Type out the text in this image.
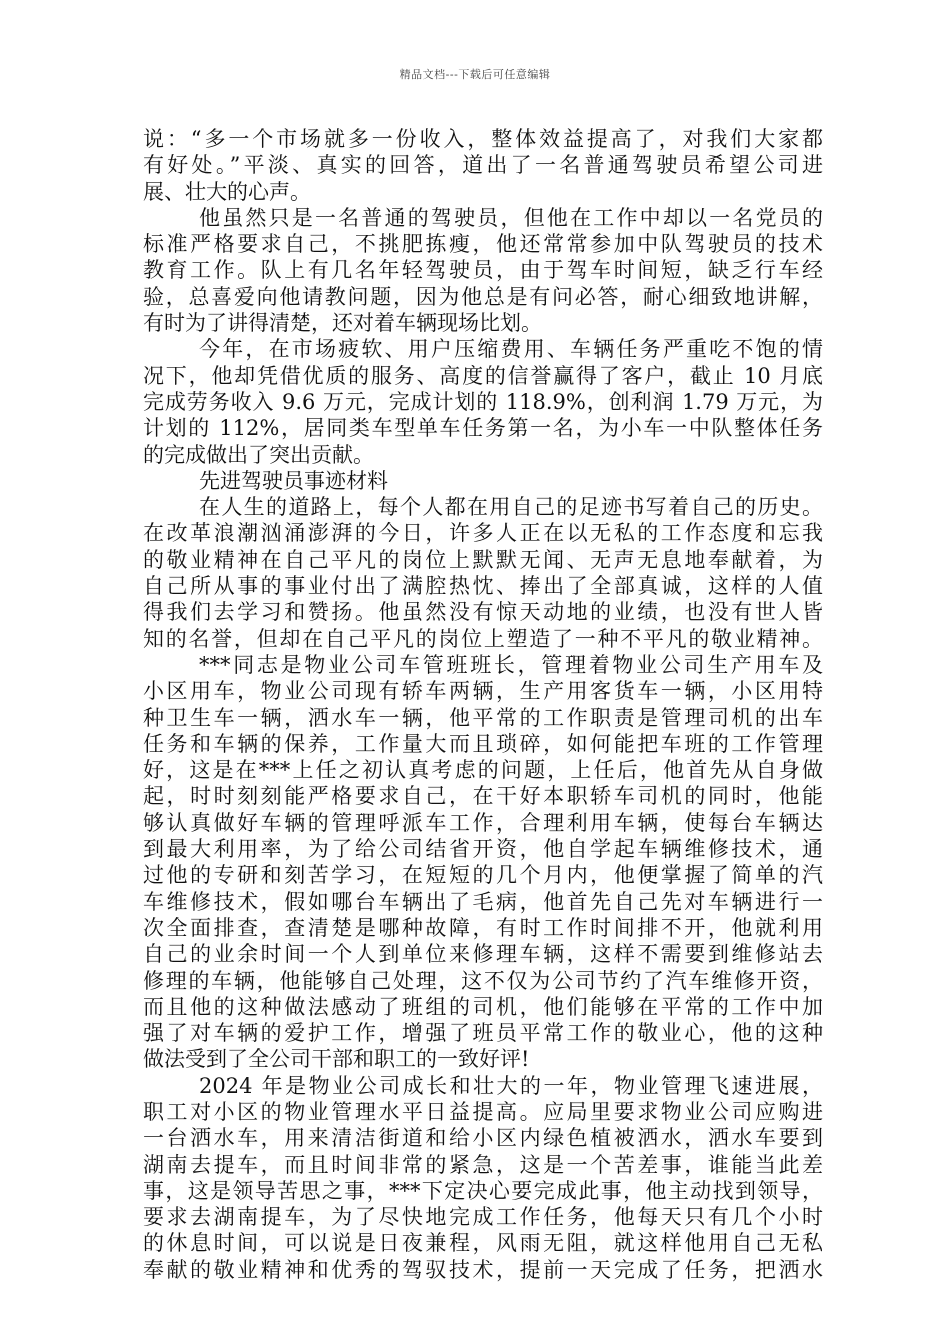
精品文档---下载后可任意编辑
说：“多一个市场就多一份收入，整体效益提高了，对我们大家都
有好处。”平淡、真实的回答，道出了一名普通驾驶员希望公司进
展、壮大的心声。
他虽然只是一名普通的驾驶员，但他在工作中却以一名党员的
标准严格要求自己，不挑肥拣瘦，他还常常参加中队驾驶员的技术
教育工作。队上有几名年轻驾驶员，由于驾车时间短，缺乏行车经
验，总喜爱向他请教问题，因为他总是有问必答，耐心细致地讲解，
有时为了讲得清楚，还对着车辆现场比划。
今年，在市场疲软、用户压缩费用、车辆任务严重吃不饱的情
况下，他却凭借优质的服务、高度的信誉赢得了客户，截止 10 月底
完成劳务收入 9.6 万元，完成计划的 118.9%，创利润 1.79 万元，为
计划的 112%，居同类车型单车任务第一名，为小车一中队整体任务
的完成做出了突出贡献。
先进驾驶员事迹材料
在人生的道路上，每个人都在用自己的足迹书写着自己的历史。
在改革浪潮汹涌澎湃的今日，许多人正在以无私的工作态度和忘我
的敬业精神在自己平凡的岗位上默默无闻、无声无息地奉献着，为
自己所从事的事业付出了满腔热忱、捧出了全部真诚，这样的人值
得我们去学习和赞扬。他虽然没有惊天动地的业绩，也没有世人皆
知的名誉，但却在自己平凡的岗位上塑造了一种不平凡的敬业精神。
***同志是物业公司车管班班长，管理着物业公司生产用车及
小区用车，物业公司现有轿车两辆，生产用客货车一辆，小区用特
种卫生车一辆，洒水车一辆，他平常的工作职责是管理司机的出车
任务和车辆的保养，工作量大而且琐碎，如何能把车班的工作管理
好，这是在***上任之初认真考虑的问题，上任后，他首先从自身做
起，时时刻刻能严格要求自己，在干好本职轿车司机的同时，他能
够认真做好车辆的管理呼派车工作，合理利用车辆，使每台车辆达
到最大利用率，为了给公司结省开资，他自学起车辆维修技术，通
过他的专研和刻苦学习，在短短的几个月内，他便掌握了简单的汽
车维修技术，假如哪台车辆出了毛病，他首先自己先对车辆进行一
次全面排查，查清楚是哪种故障，有时工作时间排不开，他就利用
自己的业余时间一个人到单位来修理车辆，这样不需要到维修站去
修理的车辆，他能够自己处理，这不仅为公司节约了汽车维修开资，
而且他的这种做法感动了班组的司机，他们能够在平常的工作中加
强了对车辆的爱护工作，增强了班员平常工作的敬业心，他的这种
做法受到了全公司干部和职工的一致好评!
2024 年是物业公司成长和壮大的一年，物业管理飞速进展，
职工对小区的物业管理水平日益提高。应局里要求物业公司应购进
一台洒水车，用来清洁街道和给小区内绿色植被洒水，洒水车要到
湖南去提车，而且时间非常的紧急，这是一个苦差事，谁能当此差
事，这是领导苦思之事，***下定决心要完成此事，他主动找到领导，
要求去湖南提车，为了尽快地完成工作任务，他每天只有几个小时
的休息时间，可以说是日夜兼程，风雨无阻，就这样他用自己无私
奉献的敬业精神和优秀的驾驭技术，提前一天完成了任务，把洒水
